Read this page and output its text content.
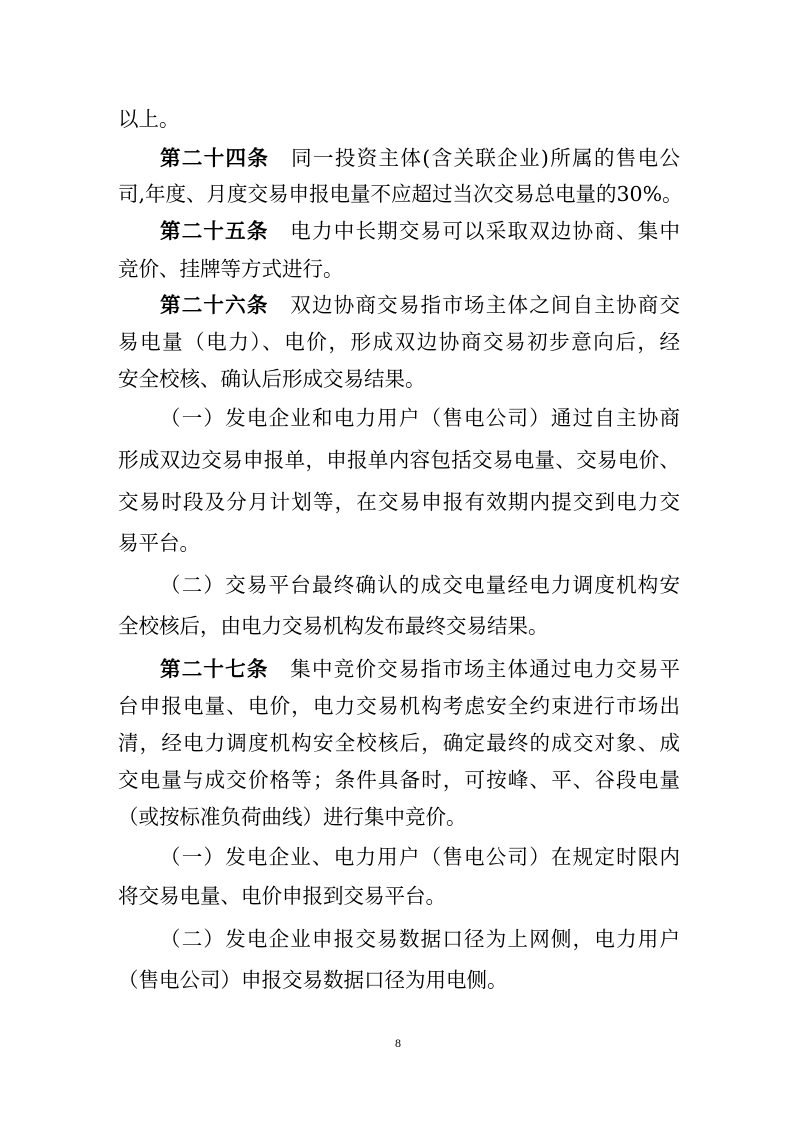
以上。
第二十四条　同一投资主体(含关联企业)所属的售电公
司,年度、月度交易申报电量不应超过当次交易总电量的30%。
第二十五条　电力中长期交易可以采取双边协商、集中
竞价、挂牌等方式进行。
第二十六条　双边协商交易指市场主体之间自主协商交
易电量（电力）、电价，形成双边协商交易初步意向后，经
安全校核、确认后形成交易结果。
（一）发电企业和电力用户（售电公司）通过自主协商
形成双边交易申报单，申报单内容包括交易电量、交易电价、
交易时段及分月计划等，在交易申报有效期内提交到电力交
易平台。
（二）交易平台最终确认的成交电量经电力调度机构安
全校核后，由电力交易机构发布最终交易结果。
第二十七条　集中竞价交易指市场主体通过电力交易平
台申报电量、电价，电力交易机构考虑安全约束进行市场出
清，经电力调度机构安全校核后，确定最终的成交对象、成
交电量与成交价格等；条件具备时，可按峰、平、谷段电量
（或按标准负荷曲线）进行集中竞价。
（一）发电企业、电力用户（售电公司）在规定时限内
将交易电量、电价申报到交易平台。
（二）发电企业申报交易数据口径为上网侧，电力用户
（售电公司）申报交易数据口径为用电侧。
8
